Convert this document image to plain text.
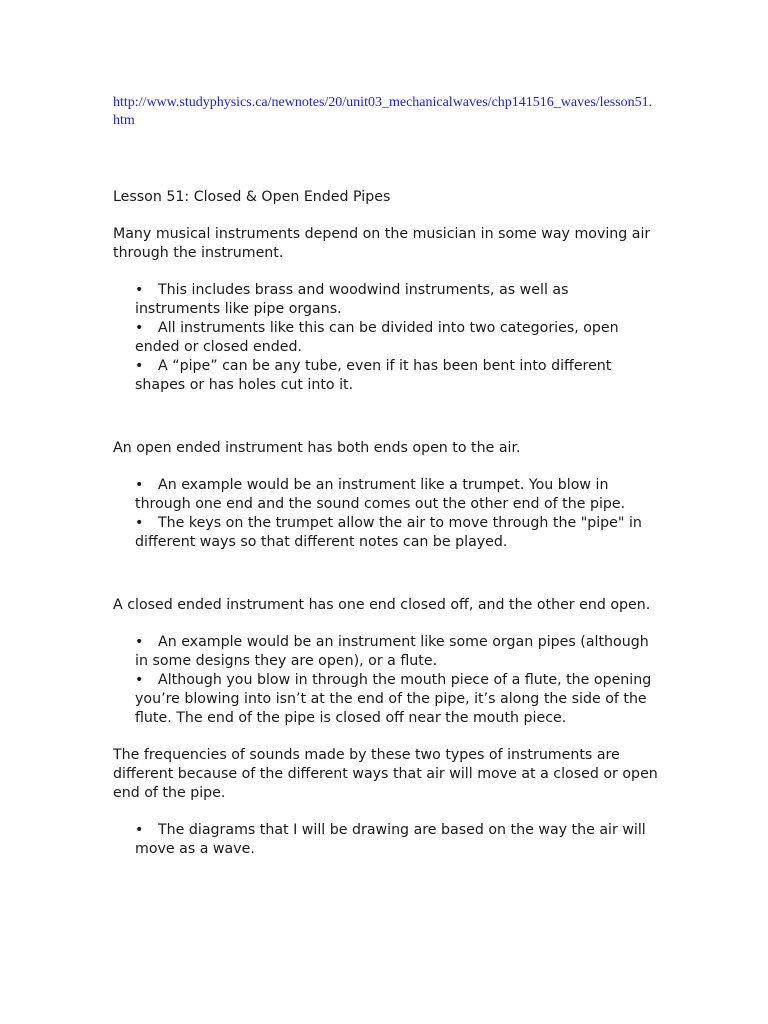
http://www.studyphysics.ca/newnotes/20/unit03_mechanicalwaves/chp141516_waves/lesson51.htm

Lesson 51: Closed & Open Ended Pipes

Many musical instruments depend on the musician in some way moving air through the instrument.

• This includes brass and woodwind instruments, as well as instruments like pipe organs.
• All instruments like this can be divided into two categories, open ended or closed ended.
• A “pipe” can be any tube, even if it has been bent into different shapes or has holes cut into it.

An open ended instrument has both ends open to the air.

• An example would be an instrument like a trumpet. You blow in through one end and the sound comes out the other end of the pipe.
• The keys on the trumpet allow the air to move through the "pipe" in different ways so that different notes can be played.

A closed ended instrument has one end closed off, and the other end open.

• An example would be an instrument like some organ pipes (although in some designs they are open), or a flute.
• Although you blow in through the mouth piece of a flute, the opening you’re blowing into isn’t at the end of the pipe, it’s along the side of the flute. The end of the pipe is closed off near the mouth piece.

The frequencies of sounds made by these two types of instruments are different because of the different ways that air will move at a closed or open end of the pipe.

• The diagrams that I will be drawing are based on the way the air will move as a wave.
